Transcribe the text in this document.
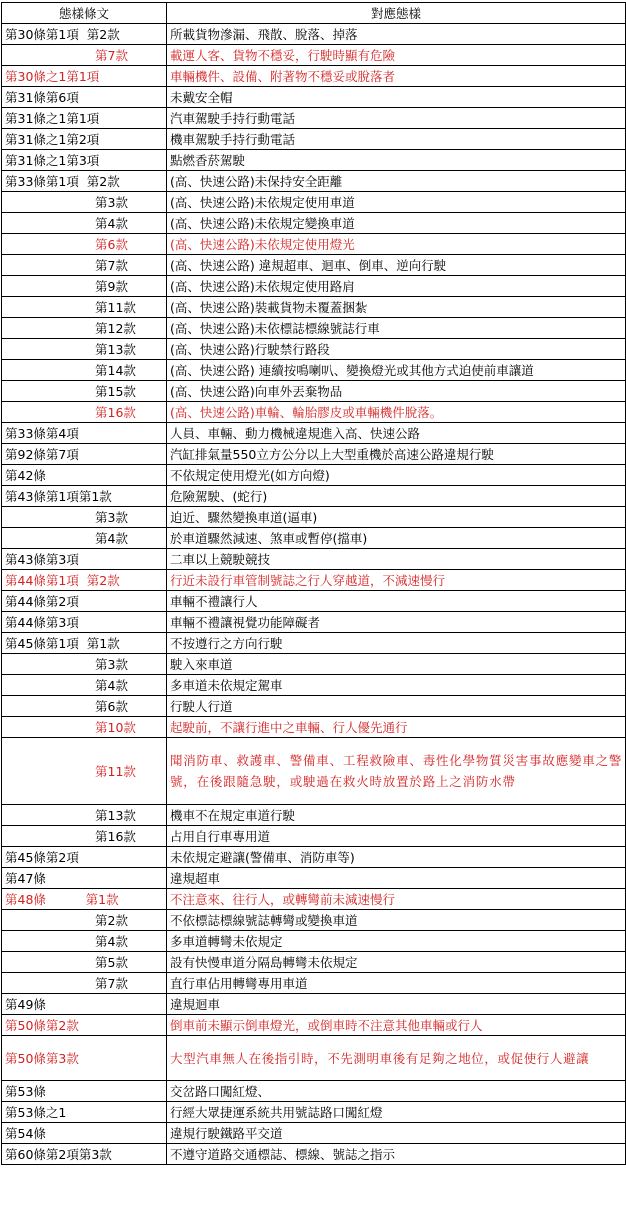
態樣條文	對應態樣
第30條第1項  第2款	所載貨物滲漏、飛散、脫落、掉落
第7款	載運人客、貨物不穩妥，行駛時顯有危險
第30條之1第1項	車輛機件、設備、附著物不穩妥或脫落者
第31條第6項	未戴安全帽
第31條之1第1項	汽車駕駛手持行動電話
第31條之1第2項	機車駕駛手持行動電話
第31條之1第3項	點燃香菸駕駛
第33條第1項  第2款	(高、快速公路)未保持安全距離
第3款	(高、快速公路)未依規定使用車道
第4款	(高、快速公路)未依規定變換車道
第6款	(高、快速公路)未依規定使用燈光
第7款	(高、快速公路) 違規超車、迴車、倒車、逆向行駛
第9款	(高、快速公路)未依規定使用路肩
第11款	(高、快速公路)裝載貨物未覆蓋捆紮
第12款	(高、快速公路)未依標誌標線號誌行車
第13款	(高、快速公路)行駛禁行路段
第14款	(高、快速公路) 連續按鳴喇叭、變換燈光或其他方式迫使前車讓道
第15款	(高、快速公路)向車外丟棄物品
第16款	(高、快速公路)車輪、輪胎膠皮或車輛機件脫落。
第33條第4項	人員、車輛、動力機械違規進入高、快速公路
第92條第7項	汽缸排氣量550立方公分以上大型重機於高速公路違規行駛
第42條	不依規定使用燈光(如方向燈)
第43條第1項第1款	危險駕駛、(蛇行)
第3款	迫近、驟然變換車道(逼車)
第4款	於車道驟然減速、煞車或暫停(擋車)
第43條第3項	二車以上競駛競技
第44條第1項  第2款	行近未設行車管制號誌之行人穿越道，不減速慢行
第44條第2項	車輛不禮讓行人
第44條第3項	車輛不禮讓視覺功能障礙者
第45條第1項  第1款	不按遵行之方向行駛
第3款	駛入來車道
第4款	多車道未依規定駕車
第6款	行駛人行道
第10款	起駛前，不讓行進中之車輛、行人優先通行
第11款	聞消防車、救護車、警備車、工程救險車、毒性化學物質災害事故應變車之警號，在後跟隨急駛，或駛過在救火時放置於路上之消防水帶
第13款	機車不在規定車道行駛
第16款	占用自行車專用道
第45條第2項	未依規定避讓(警備車、消防車等)
第47條	違規超車
第48條          第1款	不注意來、往行人，或轉彎前未減速慢行
第2款	不依標誌標線號誌轉彎或變換車道
第4款	多車道轉彎未依規定
第5款	設有快慢車道分隔島轉彎未依規定
第7款	直行車佔用轉彎專用車道
第49條	違規迴車
第50條第2款	倒車前未顯示倒車燈光，或倒車時不注意其他車輛或行人
第50條第3款	大型汽車無人在後指引時，不先測明車後有足夠之地位，或促使行人避讓
第53條	交岔路口闖紅燈、
第53條之1	行經大眾捷運系統共用號誌路口闖紅燈
第54條	違規行駛鐵路平交道
第60條第2項第3款	不遵守道路交通標誌、標線、號誌之指示
